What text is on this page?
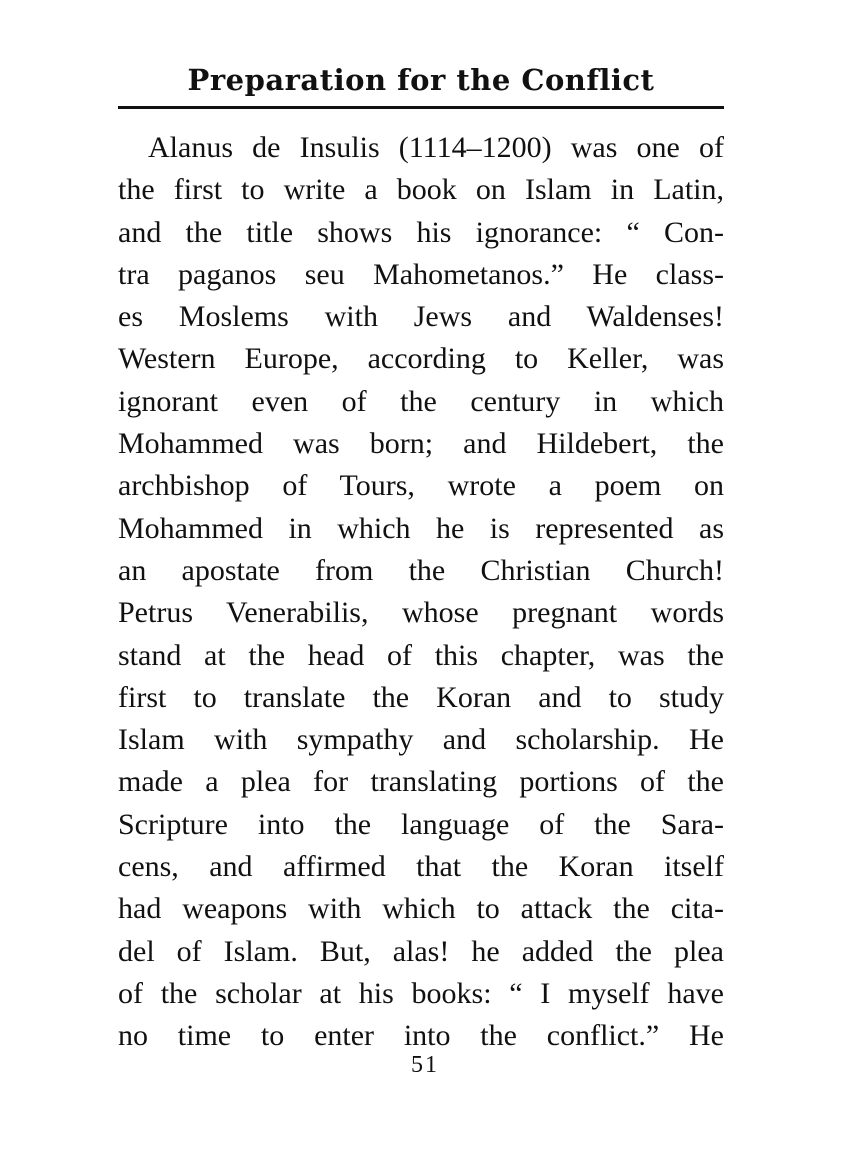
Preparation for the Conflict
Alanus de Insulis (1114–1200) was one of
the first to write a book on Islam in Latin,
and the title shows his ignorance: “ Con-
tra paganos seu Mahometanos.” He class-
es Moslems with Jews and Waldenses!
Western Europe, according to Keller, was
ignorant even of the century in which
Mohammed was born; and Hildebert, the
archbishop of Tours, wrote a poem on
Mohammed in which he is represented as
an apostate from the Christian Church!
Petrus Venerabilis, whose pregnant words
stand at the head of this chapter, was the
first to translate the Koran and to study
Islam with sympathy and scholarship. He
made a plea for translating portions of the
Scripture into the language of the Sara-
cens, and affirmed that the Koran itself
had weapons with which to attack the cita-
del of Islam. But, alas! he added the plea
of the scholar at his books: “ I myself have
no time to enter into the conflict.” He
51
